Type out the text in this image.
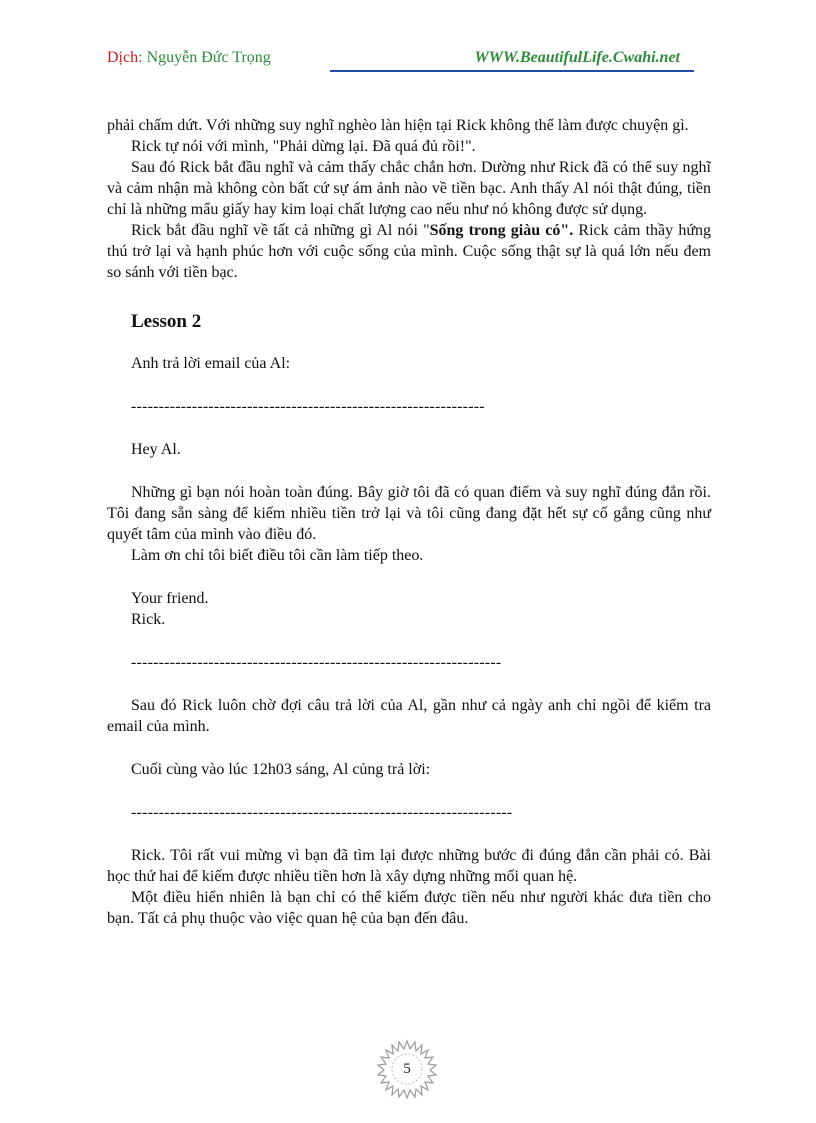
Dịch: Nguyễn Đức Trọng	WWW.BeautifulLife.Cwahi.net

phải chấm dứt. Với những suy nghĩ nghèo làn hiện tại Rick không thể làm được chuyện gì.

Rick tự nói với mình, "Phải dừng lại. Đã quá đủ rồi!".

Sau đó Rick bắt đầu nghĩ và cảm thấy chắc chắn hơn. Dường như Rick đã có thể suy nghĩ và cảm nhận mà không còn bất cứ sự ám ảnh nào về tiền bạc. Anh thấy Al nói thật đúng, tiền chỉ là những mẩu giấy hay kim loại chất lượng cao nếu như nó không được sử dụng.

Rick bắt đầu nghĩ về tất cả những gì Al nói "Sống trong giàu có". Rick cảm thầy hứng thú trở lại và hạnh phúc hơn với cuộc sống của mình. Cuộc sống thật sự là quá lớn nếu đem so sánh với tiền bạc.

Lesson 2

Anh trả lời email của Al:

----------------------------------------------------------------

Hey Al.

Những gì bạn nói hoàn toàn đúng. Bây giờ tôi đã có quan điểm và suy nghĩ đúng đắn rồi. Tôi đang sẵn sàng để kiếm nhiều tiền trở lại và tôi cũng đang đặt hết sự cố gắng cũng như quyết tâm của mình vào điều đó.

Làm ơn chỉ tôi biết điều tôi cần làm tiếp theo.

Your friend.

Rick.

-------------------------------------------------------------------

Sau đó Rick luôn chờ đợi câu trả lời của Al, gần như cả ngày anh chỉ ngồi để kiểm tra email của mình.

Cuối cùng vào lúc 12h03 sáng, Al củng trả lời:

---------------------------------------------------------------------

Rick. Tôi rất vui mừng vì bạn đã tìm lại được những bước đi đúng đắn cần phải có. Bài học thứ hai để kiếm được nhiều tiền hơn là xây dựng những mối quan hệ.

Một điều hiển nhiên là bạn chỉ có thể kiếm được tiền nếu như người khác đưa tiền cho bạn. Tất cả phụ thuộc vào việc quan hệ của bạn đến đâu.

5
